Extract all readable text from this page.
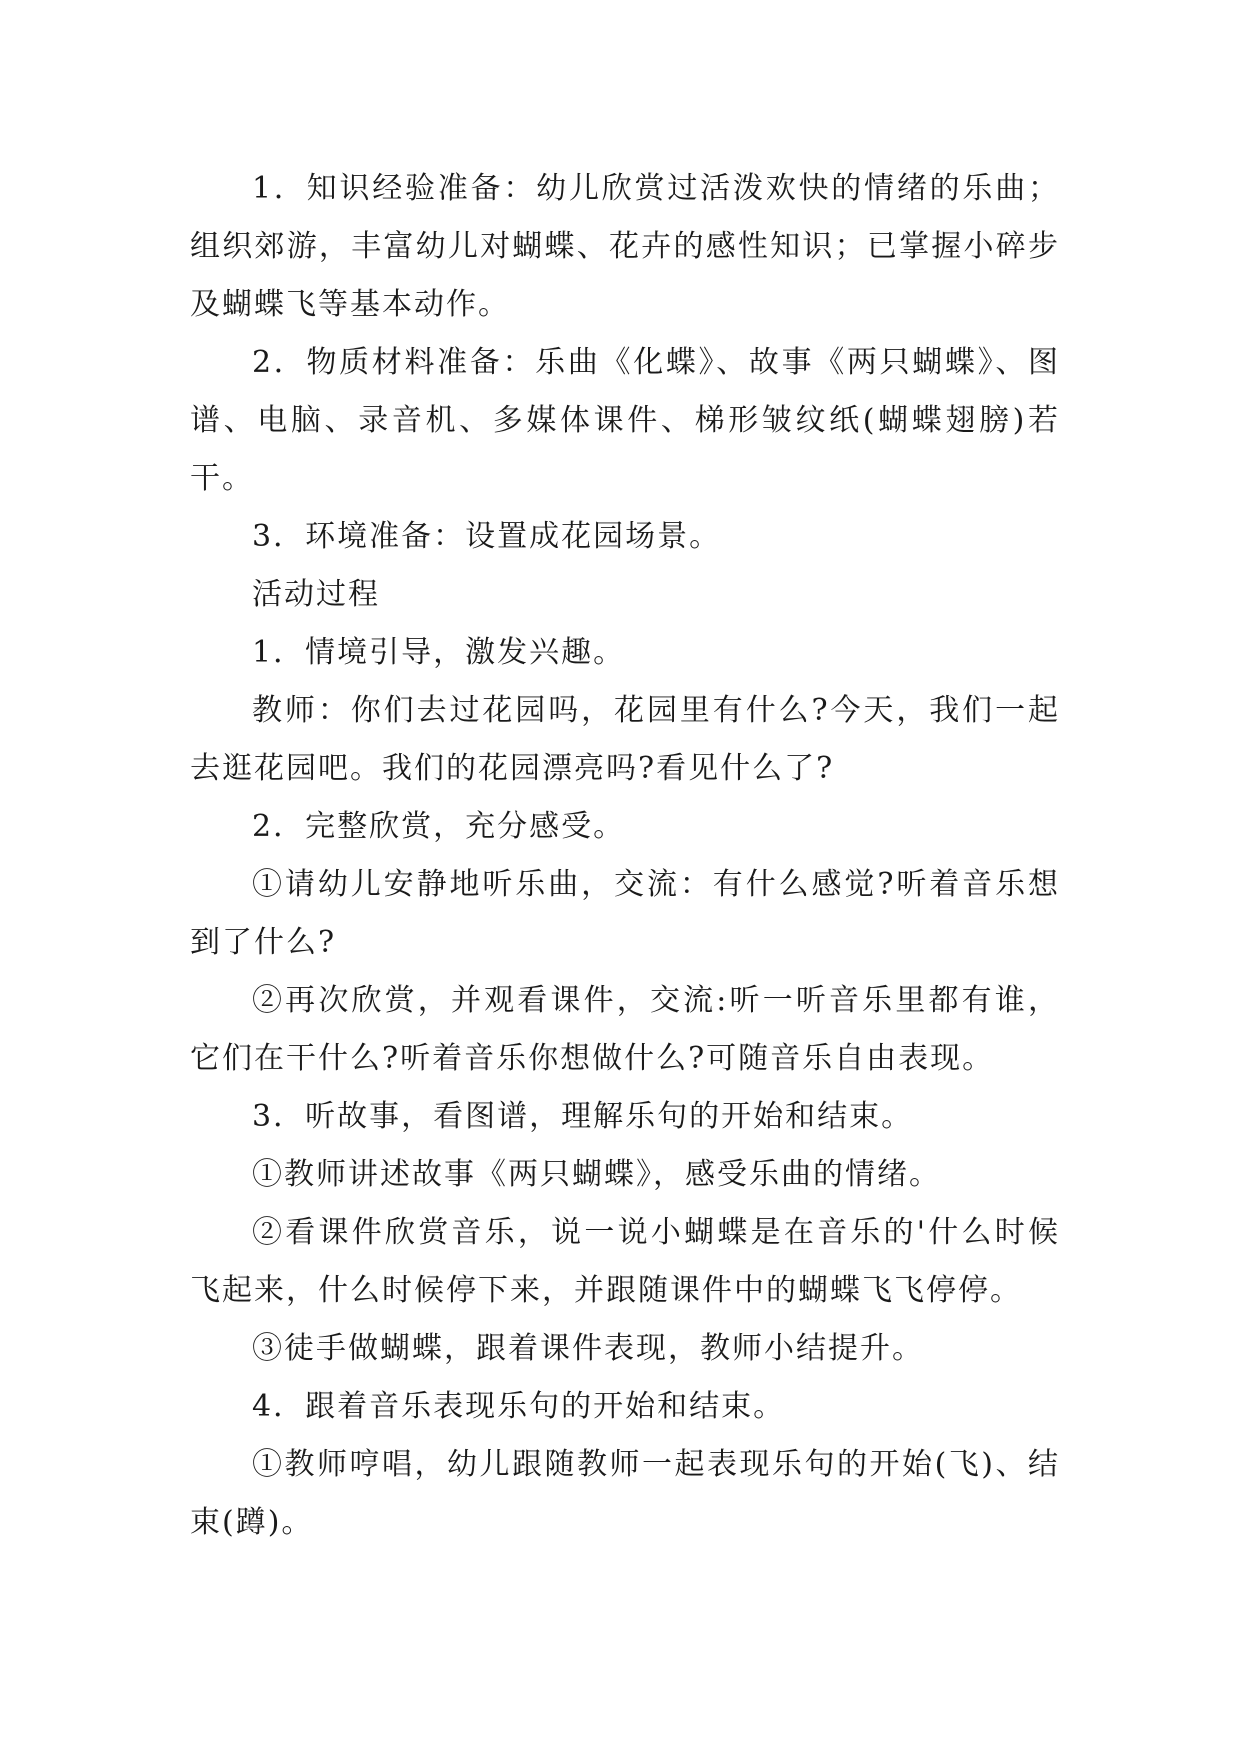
1．知识经验准备：幼儿欣赏过活泼欢快的情绪的乐曲；组织郊游，丰富幼儿对蝴蝶、花卉的感性知识；已掌握小碎步及蝴蝶飞等基本动作。

2．物质材料准备：乐曲《化蝶》、故事《两只蝴蝶》、图谱、电脑、录音机、多媒体课件、梯形皱纹纸(蝴蝶翅膀)若干。

3．环境准备：设置成花园场景。

活动过程

1．情境引导，激发兴趣。

教师：你们去过花园吗，花园里有什么?今天，我们一起去逛花园吧。我们的花园漂亮吗?看见什么了?

2．完整欣赏，充分感受。

①请幼儿安静地听乐曲，交流：有什么感觉?听着音乐想到了什么?

②再次欣赏，并观看课件，交流:听一听音乐里都有谁，它们在干什么?听着音乐你想做什么?可随音乐自由表现。

3．听故事，看图谱，理解乐句的开始和结束。

①教师讲述故事《两只蝴蝶》，感受乐曲的情绪。

②看课件欣赏音乐，说一说小蝴蝶是在音乐的'什么时候飞起来，什么时候停下来，并跟随课件中的蝴蝶飞飞停停。

③徒手做蝴蝶，跟着课件表现，教师小结提升。

4．跟着音乐表现乐句的开始和结束。

①教师哼唱，幼儿跟随教师一起表现乐句的开始(飞)、结束(蹲)。
